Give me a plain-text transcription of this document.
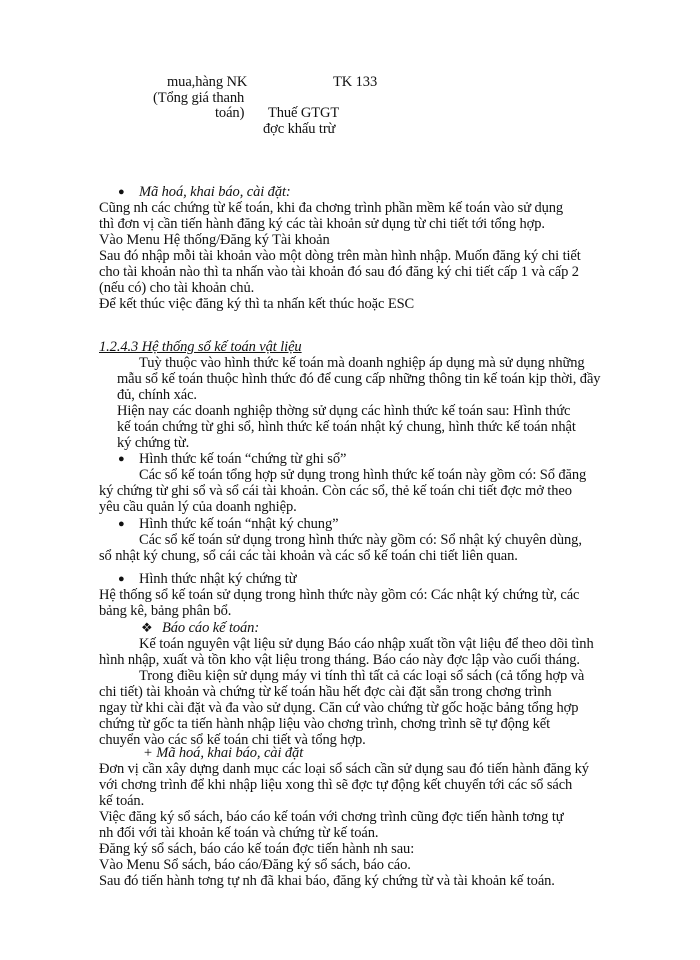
mua,hàng NK
(Tổng giá thanh
toán)
TK 133
Thuế GTGT
đợc khấu trừ
● Mã hoá, khai báo, cài đặt:
Cũng nh các chứng từ kế toán, khi đa chơng trình phần mềm kế toán vào sử dụng
thì đơn vị cần tiến hành đăng ký các tài khoản sử dụng từ chi tiết tới tổng hợp.
Vào Menu Hệ thống/Đăng ký Tài khoản
Sau đó nhập mỗi tài khoản vào một dòng trên màn hình nhập. Muốn đăng ký chi tiết
cho tài khoản nào thì ta nhấn vào tài khoản đó sau đó đăng ký chi tiết cấp 1 và cấp 2
(nếu có) cho tài khoản chủ.
Để kết thúc việc đăng ký thì ta nhấn kết thúc hoặc ESC
1.2.4.3 Hệ thống sổ kế toán vật liệu
Tuỳ thuộc vào hình thức kế toán mà doanh nghiệp áp dụng mà sử dụng những
mẫu sổ kế toán thuộc hình thức đó để cung cấp những thông tin kế toán kịp thời, đầy
đủ, chính xác.
Hiện nay các doanh nghiệp thờng sử dụng các hình thức kế toán sau: Hình thức
kế toán chứng từ ghi sổ, hình thức kế toán nhật ký chung, hình thức kế toán nhật
ký chứng từ.
● Hình thức kế toán “chứng từ ghi sổ”
Các sổ kế toán tổng hợp sử dụng trong hình thức kế toán này gồm có: Sổ đăng
ký chứng từ ghi sổ và sổ cái tài khoản. Còn các sổ, thẻ kế toán chi tiết đợc mở theo
yêu cầu quản lý của doanh nghiệp.
● Hình thức kế toán “nhật ký chung”
Các sổ kế toán sử dụng trong hình thức này gồm có: Sổ nhật ký chuyên dùng,
sổ nhật ký chung, sổ cái các tài khoản và các sổ kế toán chi tiết liên quan.
● Hình thức nhật ký chứng từ
Hệ thống sổ kế toán sử dụng trong hình thức này gồm có: Các nhật ký chứng từ, các
bảng kê, bảng phân bổ.
❖ Báo cáo kế toán:
Kế toán nguyên vật liệu sử dụng Báo cáo nhập xuất tồn vật liệu để theo dõi tình
hình nhập, xuất và tồn kho vật liệu trong tháng. Báo cáo này đợc lập vào cuối tháng.
Trong điều kiện sử dụng máy vi tính thì tất cả các loại sổ sách (cả tổng hợp và
chi tiết) tài khoản và chứng từ kế toán hầu hết đợc cài đặt sẵn trong chơng trình
ngay từ khi cài đặt và đa vào sử dụng. Căn cứ vào chứng từ gốc hoặc bảng tổng hợp
chứng từ gốc ta tiến hành nhập liệu vào chơng trình, chơng trình sẽ tự động kết
chuyển vào các sổ kế toán chi tiết và tổng hợp.
+ Mã hoá, khai báo, cài đặt
Đơn vị cần xây dựng danh mục các loại sổ sách cần sử dụng sau đó tiến hành đăng ký
với chơng trình để khi nhập liệu xong thì sẽ đợc tự động kết chuyển tới các sổ sách
kế toán.
Việc đăng ký sổ sách, báo cáo kế toán với chơng trình cũng đợc tiến hành tơng tự
nh đối với tài khoản kế toán và chứng từ kế toán.
Đăng ký sổ sách, báo cáo kế toán đợc tiến hành nh sau:
Vào Menu Sổ sách, báo cáo/Đăng ký sổ sách, báo cáo.
Sau đó tiến hành tơng tự nh đã khai báo, đăng ký chứng từ và tài khoản kế toán.
